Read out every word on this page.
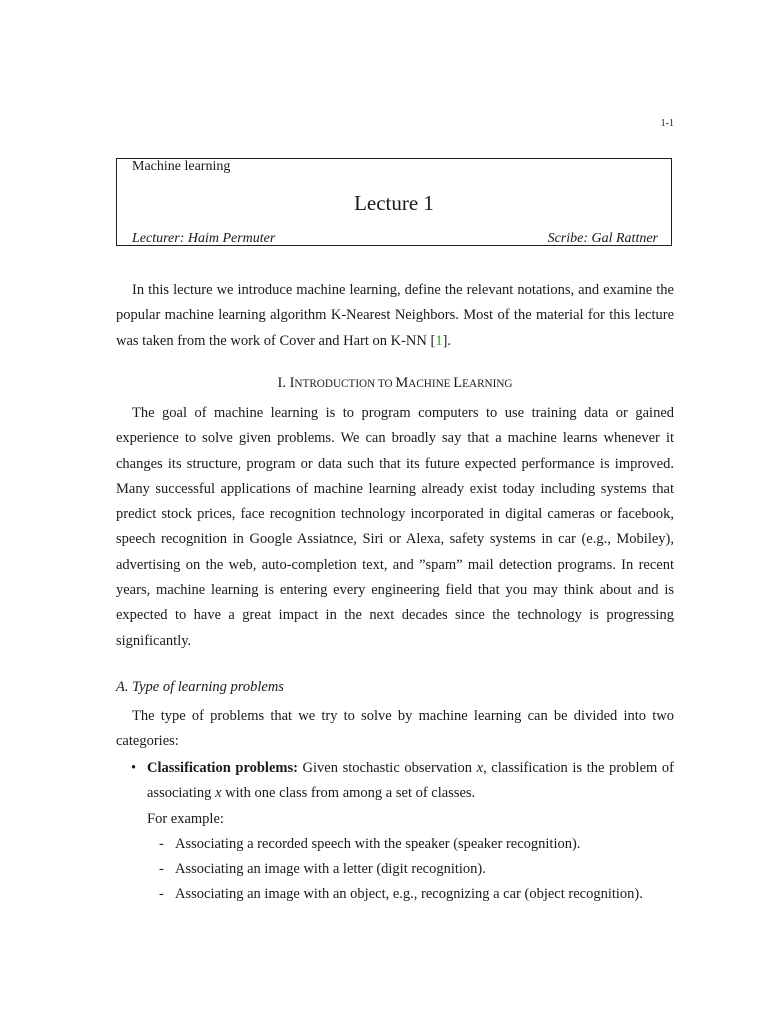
1-1
Machine learning
Lecture 1
Lecturer: Haim Permuter	Scribe: Gal Rattner

In this lecture we introduce machine learning, define the relevant notations, and examine the popular machine learning algorithm K-Nearest Neighbors. Most of the material for this lecture was taken from the work of Cover and Hart on K-NN [1].

I. INTRODUCTION TO MACHINE LEARNING

The goal of machine learning is to program computers to use training data or gained experience to solve given problems. We can broadly say that a machine learns whenever it changes its structure, program or data such that its future expected performance is improved. Many successful applications of machine learning already exist today including systems that predict stock prices, face recognition technology incorporated in digital cameras or facebook, speech recognition in Google Assiatnce, Siri or Alexa, safety systems in car (e.g., Mobiley), advertising on the web, auto-completion text, and ”spam” mail detection programs. In recent years, machine learning is entering every engineering field that you may think about and is expected to have a great impact in the next decades since the technology is progressing significantly.

A. Type of learning problems

The type of problems that we try to solve by machine learning can be divided into two categories:

• Classification problems: Given stochastic observation x, classification is the problem of associating x with one class from among a set of classes.
For example:
- Associating a recorded speech with the speaker (speaker recognition).
- Associating an image with a letter (digit recognition).
- Associating an image with an object, e.g., recognizing a car (object recognition).
